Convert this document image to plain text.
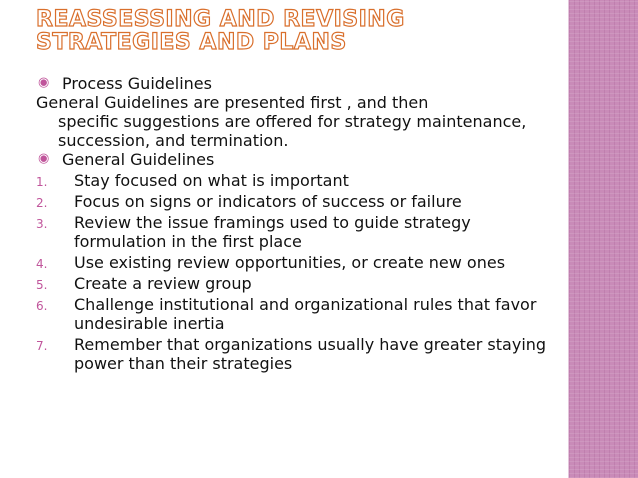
REASSESSING AND REVISING STRATEGIES AND PLANS
◉ Process Guidelines
General Guidelines are presented first , and then
specific suggestions are offered for strategy maintenance, succession, and termination.
◉ General Guidelines
1. Stay focused on what is important
2. Focus on signs or indicators of success or failure
3. Review the issue framings used to guide strategy formulation in the first place
4. Use existing review opportunities, or create new ones
5. Create a review group
6. Challenge institutional and organizational rules that favor undesirable inertia
7. Remember that organizations usually have greater staying power than their strategies
